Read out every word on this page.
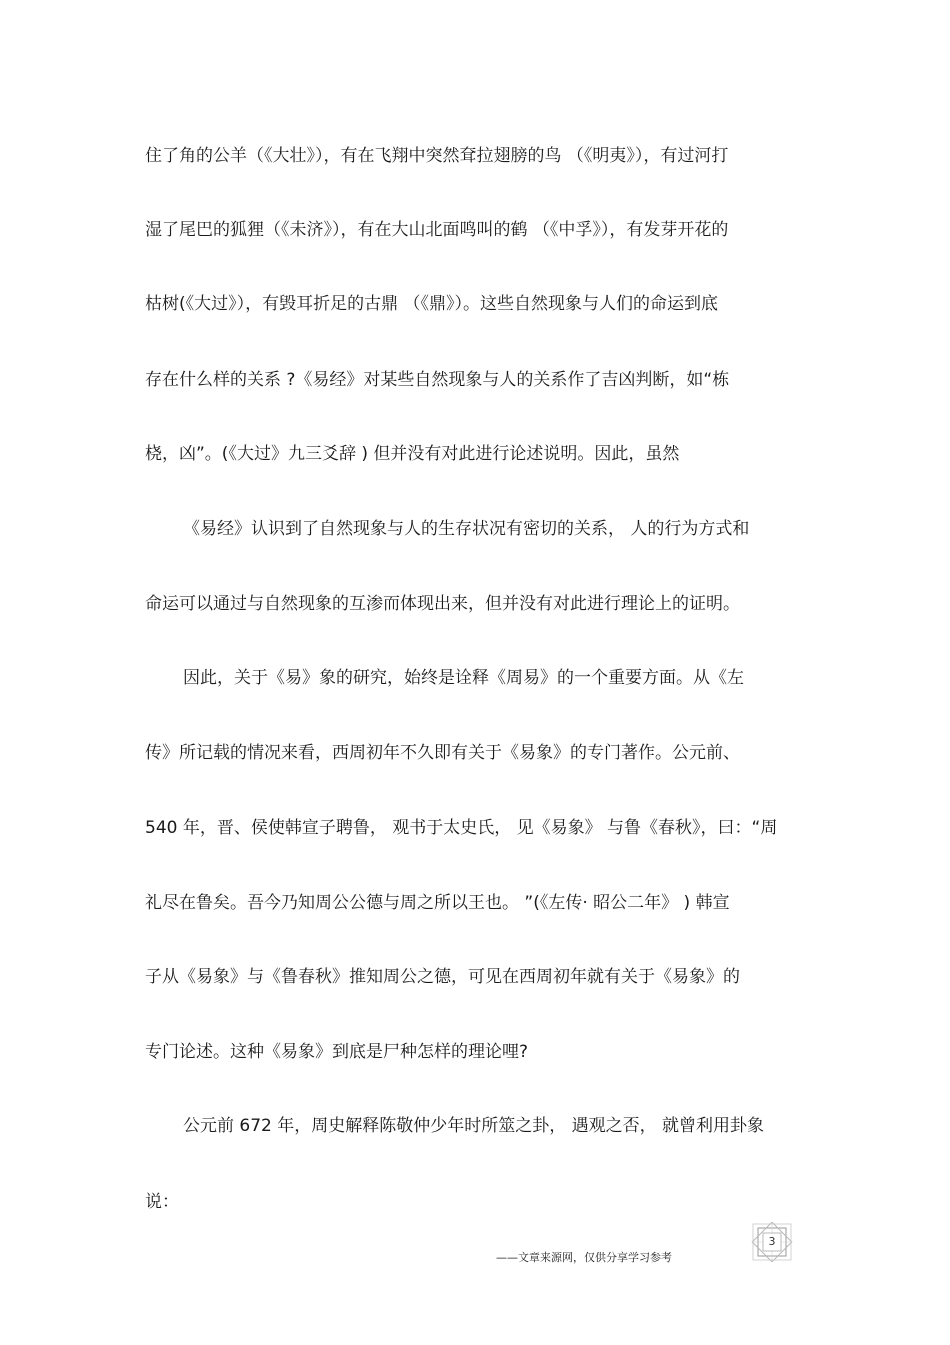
住了角的公羊（《大壮》），有在飞翔中突然耷拉翅膀的鸟 （《明夷》），有过河打
湿了尾巴的狐狸（《未济》），有在大山北面鸣叫的鹤 （《中孚》），有发芽开花的
枯树(《大过》），有毁耳折足的古鼎 （《鼎》）。这些自然现象与人们的命运到底
存在什么样的关系 ?《易经》对某些自然现象与人的关系作了吉凶判断，如“栋
桡，凶”。(《大过》九三爻辞 ) 但并没有对此进行论述说明。因此，虽然
《易经》认识到了自然现象与人的生存状况有密切的关系， 人的行为方式和
命运可以通过与自然现象的互渗而体现出来，但并没有对此进行理论上的证明。
因此，关于《易》象的研究，始终是诠释《周易》的一个重要方面。从《左
传》所记载的情况来看，西周初年不久即有关于《易象》的专门著作。公元前、
540 年，晋、侯使韩宣子聘鲁， 观书于太史氏， 见《易象》 与鲁《春秋》，曰：“周
礼尽在鲁矣。吾今乃知周公公德与周之所以王也。 ”(《左传· 昭公二年》 ) 韩宣
子从《易象》与《鲁春秋》推知周公之德，可见在西周初年就有关于《易象》的
专门论述。这种《易象》到底是尸种怎样的理论哩?
公元前 672 年，周史解释陈敬仲少年时所筮之卦， 遇观之否， 就曾利用卦象
说：
——文章来源网，仅供分享学习参考
3
